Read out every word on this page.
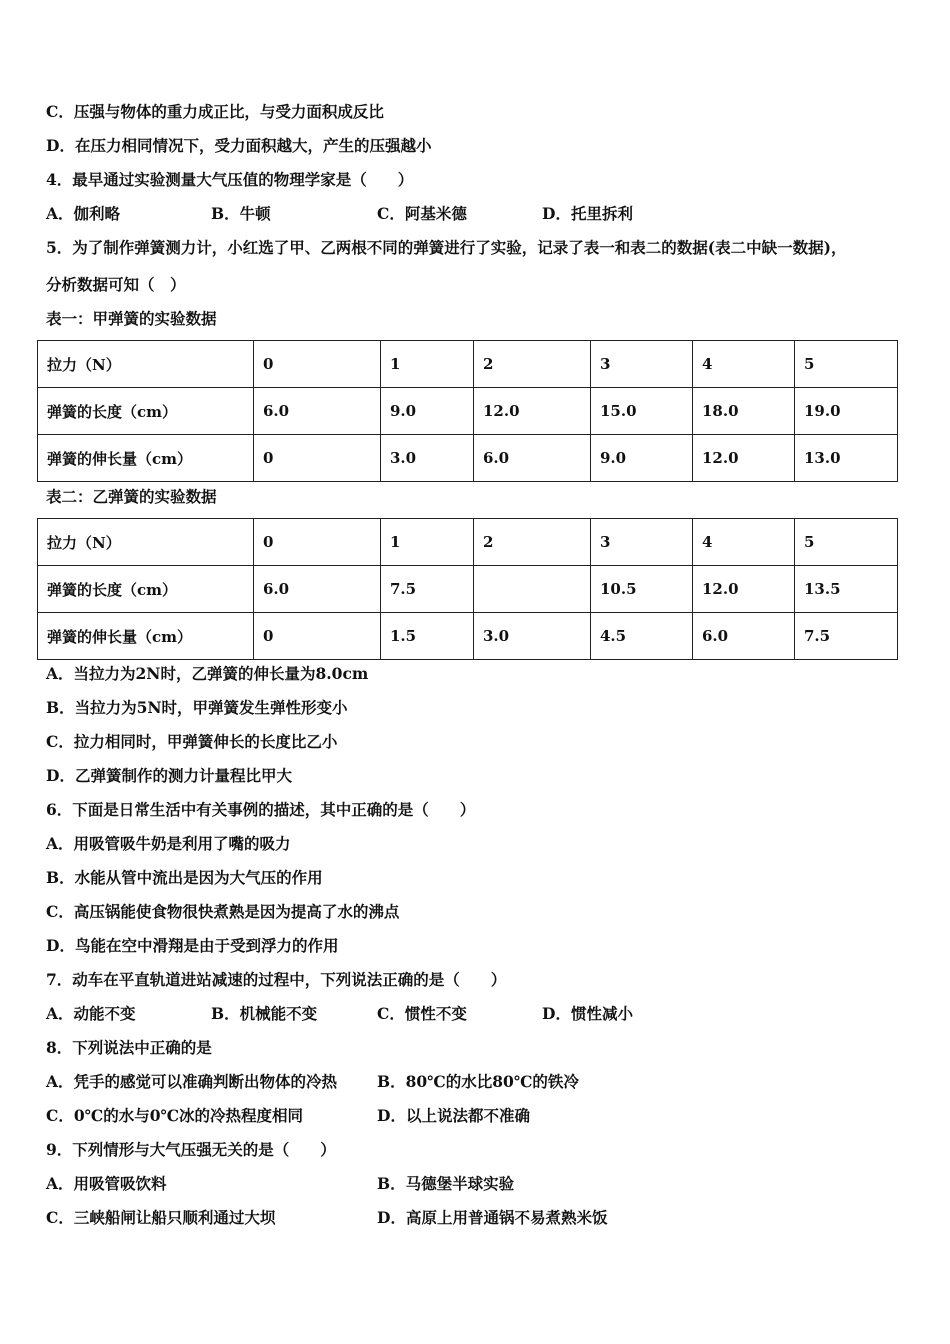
C．压强与物体的重力成正比，与受力面积成反比
D．在压力相同情况下，受力面积越大，产生的压强越小
4．最早通过实验测量大气压值的物理学家是（　　）
A．伽利略	B．牛顿	C．阿基米德	D．托里拆利
5．为了制作弹簧测力计，小红选了甲、乙两根不同的弹簧进行了实验，记录了表一和表二的数据(表二中缺一数据)，
分析数据可知（　）
表一：甲弹簧的实验数据
拉力（N）	0	1	2	3	4	5
弹簧的长度（cm）	6.0	9.0	12.0	15.0	18.0	19.0
弹簧的伸长量（cm）	0	3.0	6.0	9.0	12.0	13.0
表二：乙弹簧的实验数据
拉力（N）	0	1	2	3	4	5
弹簧的长度（cm）	6.0	7.5		10.5	12.0	13.5
弹簧的伸长量（cm）	0	1.5	3.0	4.5	6.0	7.5
A．当拉力为2N时，乙弹簧的伸长量为8.0cm
B．当拉力为5N时，甲弹簧发生弹性形变小
C．拉力相同时，甲弹簧伸长的长度比乙小
D．乙弹簧制作的测力计量程比甲大
6．下面是日常生活中有关事例的描述，其中正确的是（　　）
A．用吸管吸牛奶是利用了嘴的吸力
B．水能从管中流出是因为大气压的作用
C．高压锅能使食物很快煮熟是因为提高了水的沸点
D．鸟能在空中滑翔是由于受到浮力的作用
7．动车在平直轨道进站减速的过程中，下列说法正确的是（　　）
A．动能不变	B．机械能不变	C．惯性不变	D．惯性减小
8．下列说法中正确的是
A．凭手的感觉可以准确判断出物体的冷热	B．80℃的水比80℃的铁冷
C．0℃的水与0℃冰的冷热程度相同	D．以上说法都不准确
9．下列情形与大气压强无关的是（　　）
A．用吸管吸饮料	B．马德堡半球实验
C．三峡船闸让船只顺利通过大坝	D．高原上用普通锅不易煮熟米饭
